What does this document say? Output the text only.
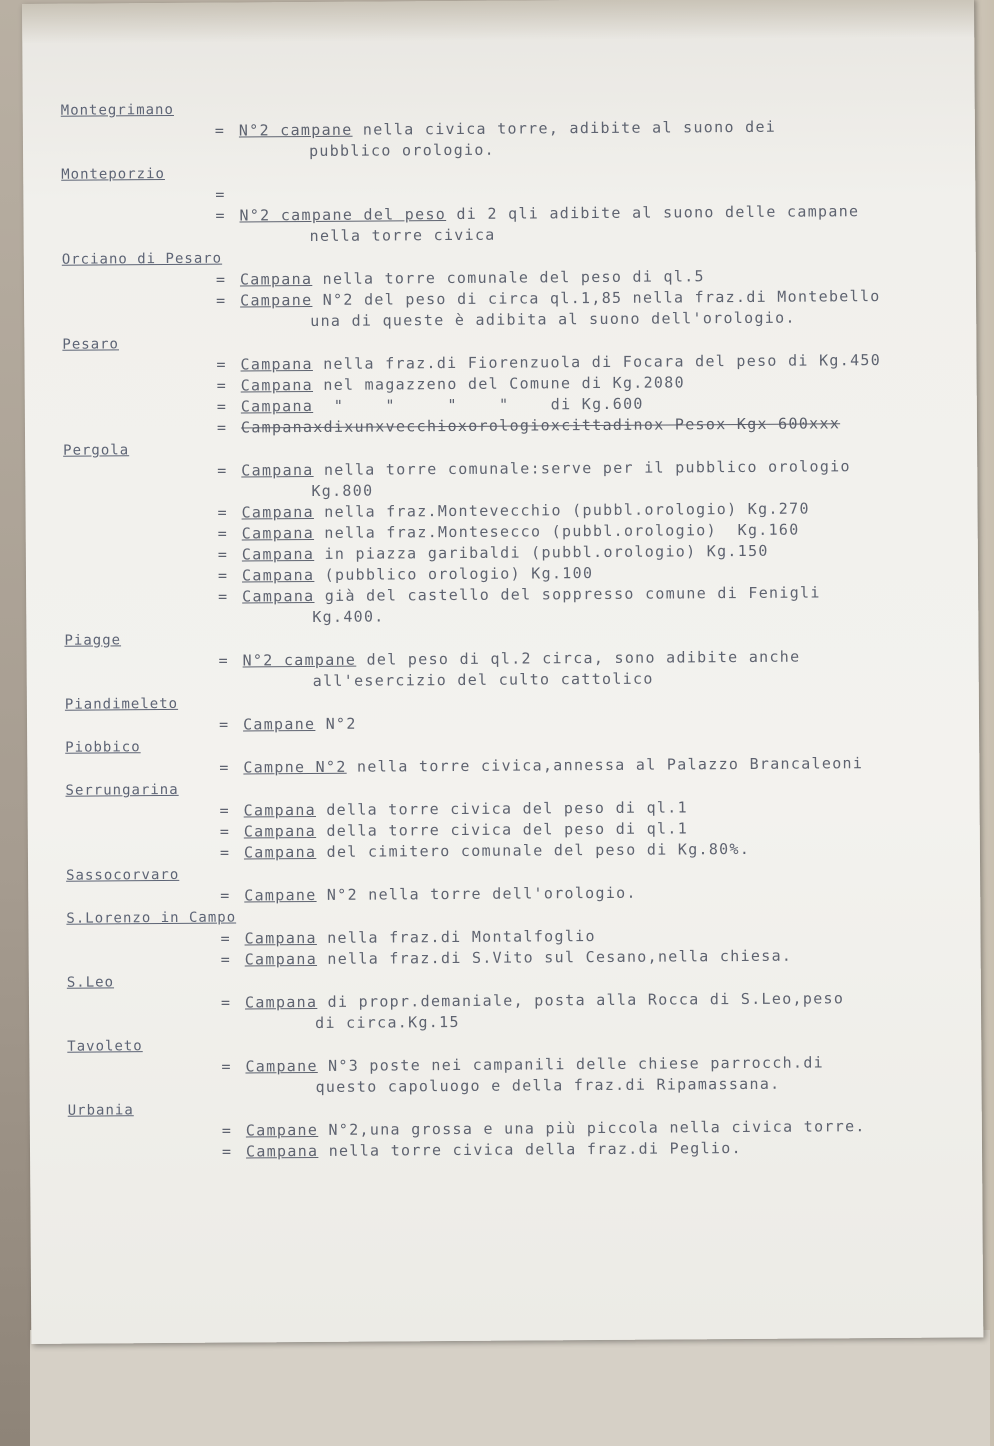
Montegrimano
= N°2 campane nella civica torre, adibite al suono dei
pubblico orologio.
Monteporzio
=
= N°2 campane del peso di 2 qli adibite al suono delle campane
nella torre civica
Orciano di Pesaro
= Campana nella torre comunale del peso di ql.5
= Campane N°2 del peso di circa ql.1,85 nella fraz.di Montebello
una di queste è adibita al suono dell'orologio.
Pesaro
= Campana nella fraz.di Fiorenzuola di Focara del peso di Kg.450
= Campana nel magazzeno del Comune di Kg.2080
= Campana  "    "     "    "    di Kg.600
= Campanaxdixunxvecchioxorologioxcittadinox Pesox Kgx 600xxx
Pergola
= Campana nella torre comunale:serve per il pubblico orologio
Kg.800
= Campana nella fraz.Montevecchio (pubbl.orologio) Kg.270
= Campana nella fraz.Montesecco (pubbl.orologio)  Kg.160
= Campana in piazza garibaldi (pubbl.orologio) Kg.150
= Campana (pubblico orologio) Kg.100
= Campana già del castello del soppresso comune di Fenigli
Kg.400.
Piagge
= N°2 campane del peso di ql.2 circa, sono adibite anche
all'esercizio del culto cattolico
Piandimeleto
= Campane N°2
Piobbico
= Campne N°2 nella torre civica,annessa al Palazzo Brancaleoni
Serrungarina
= Campana della torre civica del peso di ql.1
= Campana della torre civica del peso di ql.1
= Campana del cimitero comunale del peso di Kg.80%.
Sassocorvaro
= Campane N°2 nella torre dell'orologio.
S.Lorenzo in Campo
= Campana nella fraz.di Montalfoglio
= Campana nella fraz.di S.Vito sul Cesano,nella chiesa.
S.Leo
= Campana di propr.demaniale, posta alla Rocca di S.Leo,peso
di circa.Kg.15
Tavoleto
= Campane N°3 poste nei campanili delle chiese parrocch.di
questo capoluogo e della fraz.di Ripamassana.
Urbania
= Campane N°2,una grossa e una più piccola nella civica torre.
= Campana nella torre civica della fraz.di Peglio.
